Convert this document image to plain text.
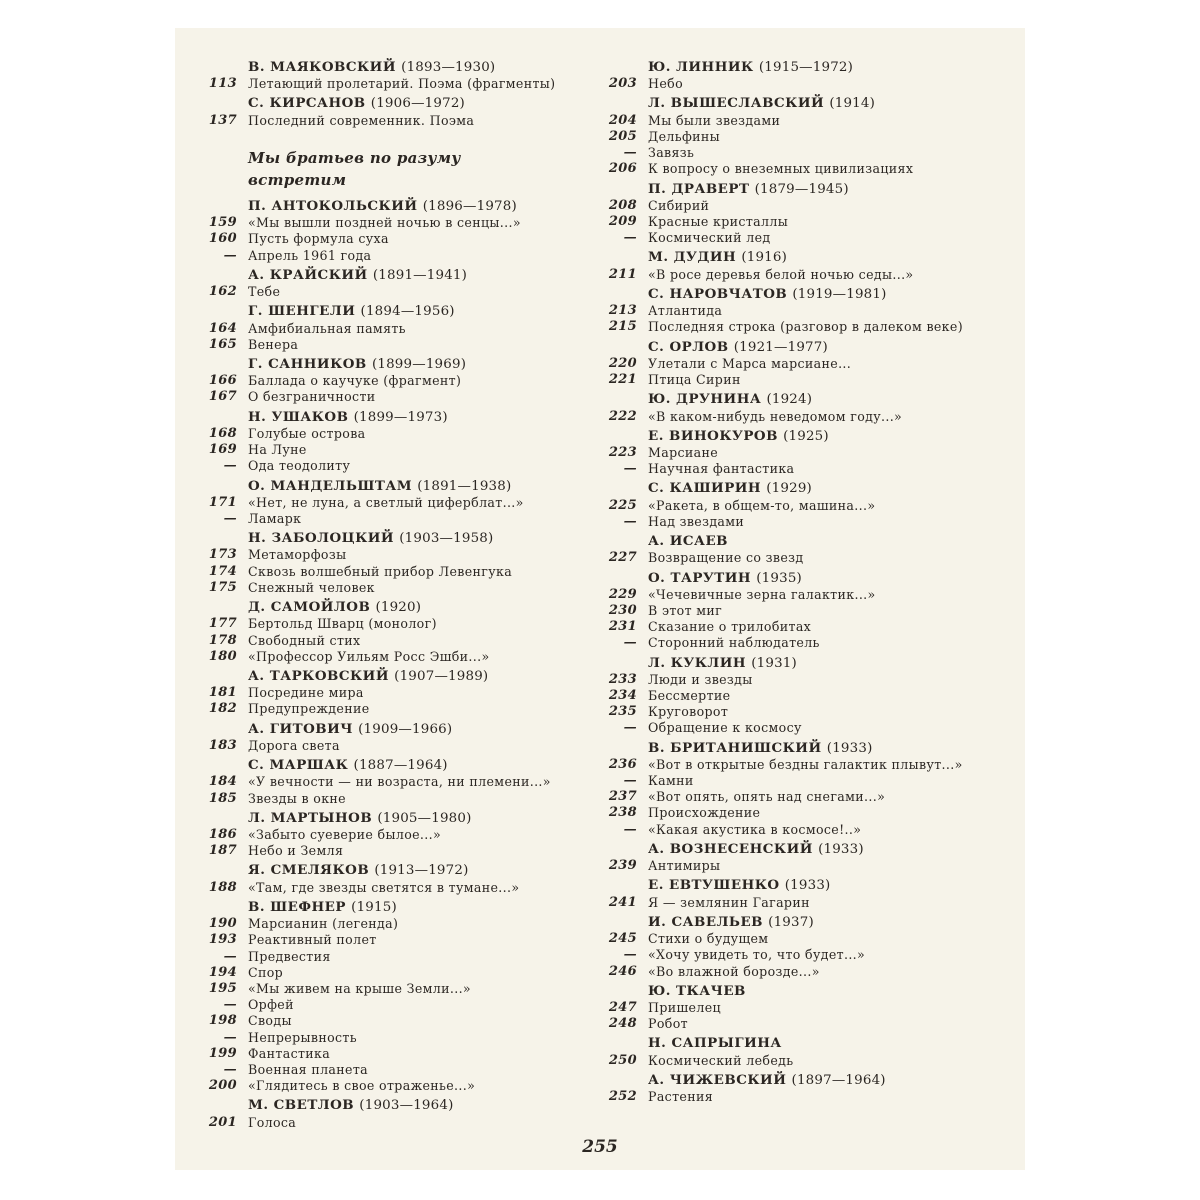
В. МАЯКОВСКИЙ (1893—1930)
113 Летающий пролетарий. Поэма (фрагменты)
С. КИРСАНОВ (1906—1972)
137 Последний современник. Поэма
Мы братьев по разуму
встретим
П. АНТОКОЛЬСКИЙ (1896—1978)
159 «Мы вышли поздней ночью в сенцы...»
160 Пусть формула суха
— Апрель 1961 года
А. КРАЙСКИЙ (1891—1941)
162 Тебе
Г. ШЕНГЕЛИ (1894—1956)
164 Амфибиальная память
165 Венера
Г. САННИКОВ (1899—1969)
166 Баллада о каучуке (фрагмент)
167 О безграничности
Н. УШАКОВ (1899—1973)
168 Голубые острова
169 На Луне
— Ода теодолиту
О. МАНДЕЛЬШТАМ (1891—1938)
171 «Нет, не луна, а светлый циферблат...»
— Ламарк
Н. ЗАБОЛОЦКИЙ (1903—1958)
173 Метаморфозы
174 Сквозь волшебный прибор Левенгука
175 Снежный человек
Д. САМОЙЛОВ (1920)
177 Бертольд Шварц (монолог)
178 Свободный стих
180 «Профессор Уильям Росс Эшби...»
А. ТАРКОВСКИЙ (1907—1989)
181 Посредине мира
182 Предупреждение
А. ГИТОВИЧ (1909—1966)
183 Дорога света
С. МАРШАК (1887—1964)
184 «У вечности — ни возраста, ни племени...»
185 Звезды в окне
Л. МАРТЫНОВ (1905—1980)
186 «Забыто суеверие былое...»
187 Небо и Земля
Я. СМЕЛЯКОВ (1913—1972)
188 «Там, где звезды светятся в тумане...»
В. ШЕФНЕР (1915)
190 Марсианин (легенда)
193 Реактивный полет
— Предвестия
194 Спор
195 «Мы живем на крыше Земли...»
— Орфей
198 Своды
— Непрерывность
199 Фантастика
— Военная планета
200 «Глядитесь в свое отраженье...»
М. СВЕТЛОВ (1903—1964)
201 Голоса
Ю. ЛИННИК (1915—1972)
203 Небо
Л. ВЫШЕСЛАВСКИЙ (1914)
204 Мы были звездами
205 Дельфины
— Завязь
206 К вопросу о внеземных цивилизациях
П. ДРАВЕРТ (1879—1945)
208 Сибирий
209 Красные кристаллы
— Космический лед
М. ДУДИН (1916)
211 «В росе деревья белой ночью седы...»
С. НАРОВЧАТОВ (1919—1981)
213 Атлантида
215 Последняя строка (разговор в далеком веке)
С. ОРЛОВ (1921—1977)
220 Улетали с Марса марсиане...
221 Птица Сирин
Ю. ДРУНИНА (1924)
222 «В каком-нибудь неведомом году...»
Е. ВИНОКУРОВ (1925)
223 Марсиане
— Научная фантастика
С. КАШИРИН (1929)
225 «Ракета, в общем-то, машина...»
— Над звездами
А. ИСАЕВ
227 Возвращение со звезд
О. ТАРУТИН (1935)
229 «Чечевичные зерна галактик...»
230 В этот миг
231 Сказание о трилобитах
— Сторонний наблюдатель
Л. КУКЛИН (1931)
233 Люди и звезды
234 Бессмертие
235 Круговорот
— Обращение к космосу
В. БРИТАНИШСКИЙ (1933)
236 «Вот в открытые бездны галактик плывут...»
— Камни
237 «Вот опять, опять над снегами...»
238 Происхождение
— «Какая акустика в космосе!..»
А. ВОЗНЕСЕНСКИЙ (1933)
239 Антимиры
Е. ЕВТУШЕНКО (1933)
241 Я — землянин Гагарин
И. САВЕЛЬЕВ (1937)
245 Стихи о будущем
— «Хочу увидеть то, что будет...»
246 «Во влажной бороздe...»
Ю. ТКАЧЕВ
247 Пришелец
248 Робот
Н. САПРЫГИНА
250 Космический лебедь
А. ЧИЖЕВСКИЙ (1897—1964)
252 Растения
255
